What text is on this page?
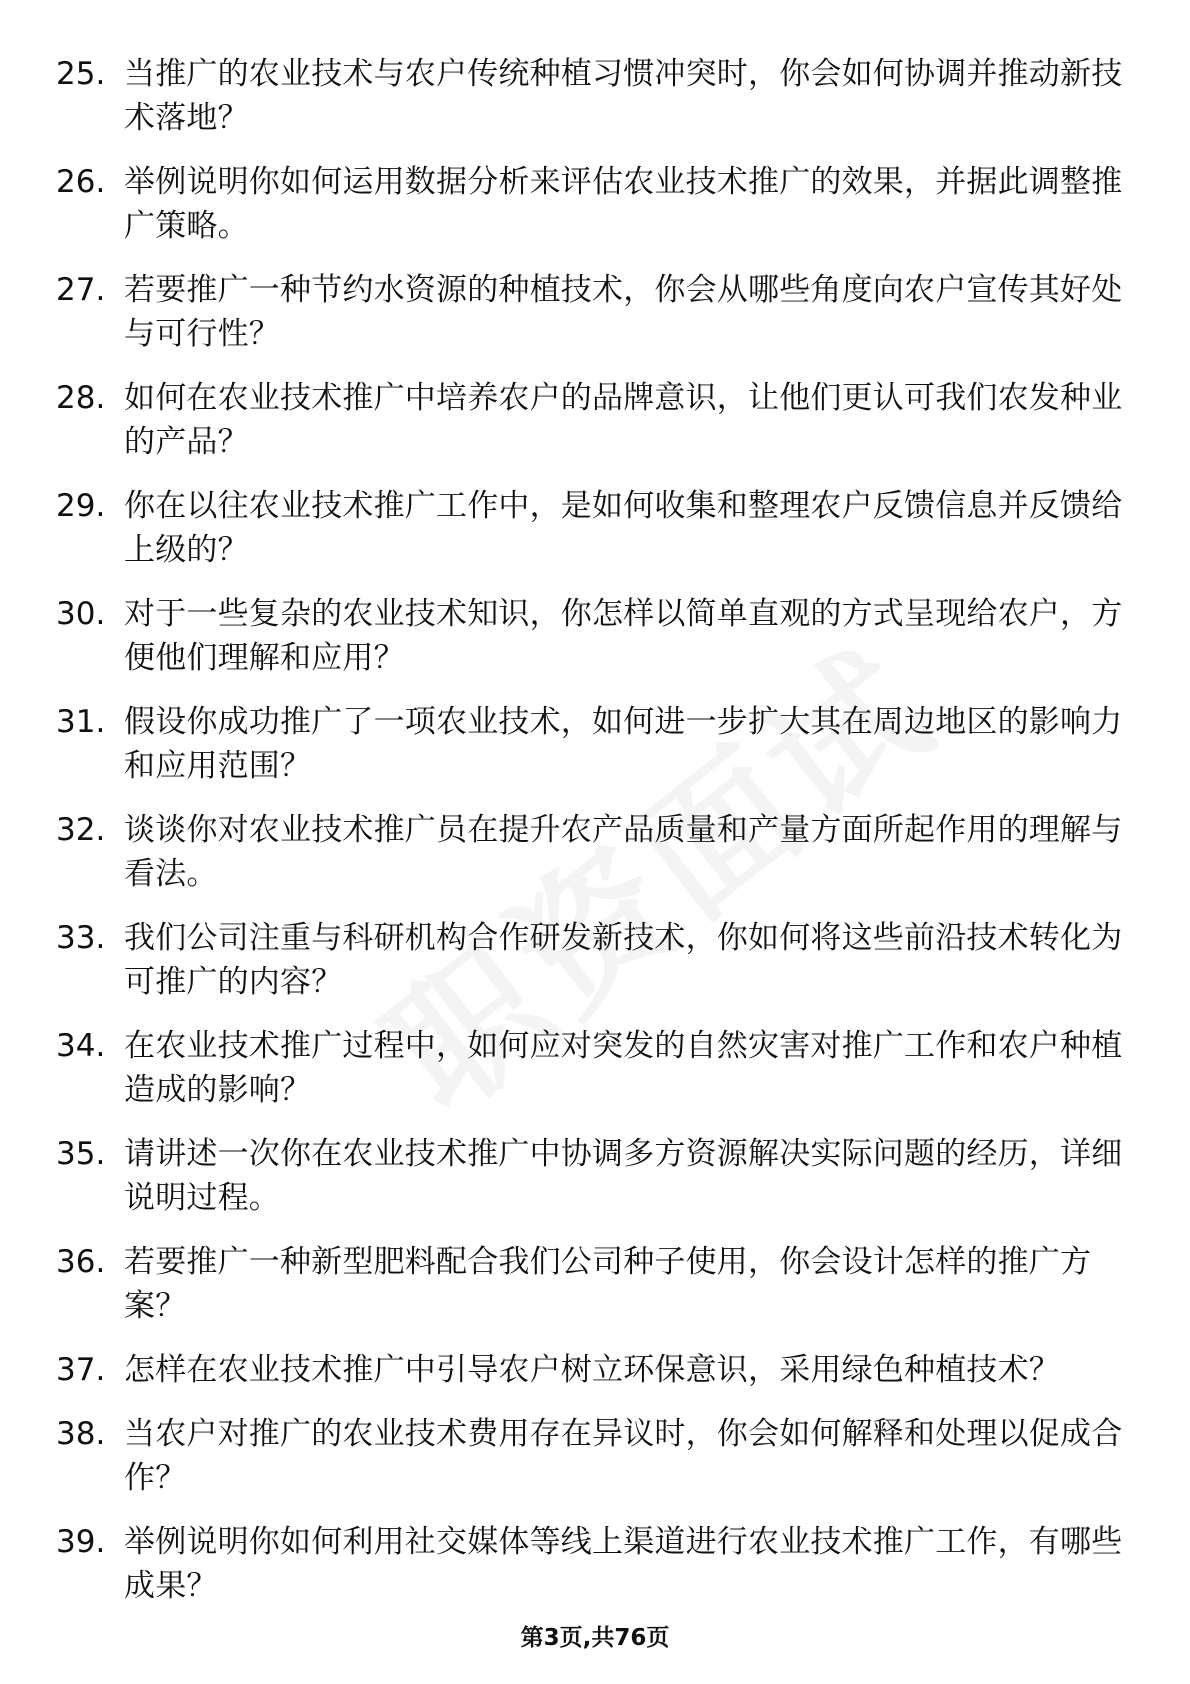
25. 当推广的农业技术与农户传统种植习惯冲突时，你会如何协调并推动新技术落地？
26. 举例说明你如何运用数据分析来评估农业技术推广的效果，并据此调整推广策略。
27. 若要推广一种节约水资源的种植技术，你会从哪些角度向农户宣传其好处与可行性？
28. 如何在农业技术推广中培养农户的品牌意识，让他们更认可我们农发种业的产品？
29. 你在以往农业技术推广工作中，是如何收集和整理农户反馈信息并反馈给上级的？
30. 对于一些复杂的农业技术知识，你怎样以简单直观的方式呈现给农户，方便他们理解和应用？
31. 假设你成功推广了一项农业技术，如何进一步扩大其在周边地区的影响力和应用范围？
32. 谈谈你对农业技术推广员在提升农产品质量和产量方面所起作用的理解与看法。
33. 我们公司注重与科研机构合作研发新技术，你如何将这些前沿技术转化为可推广的内容？
34. 在农业技术推广过程中，如何应对突发的自然灾害对推广工作和农户种植造成的影响？
35. 请讲述一次你在农业技术推广中协调多方资源解决实际问题的经历，详细说明过程。
36. 若要推广一种新型肥料配合我们公司种子使用，你会设计怎样的推广方案？
37. 怎样在农业技术推广中引导农户树立环保意识，采用绿色种植技术？
38. 当农户对推广的农业技术费用存在异议时，你会如何解释和处理以促成合作？
39. 举例说明你如何利用社交媒体等线上渠道进行农业技术推广工作，有哪些成果？
第3页,共76页
